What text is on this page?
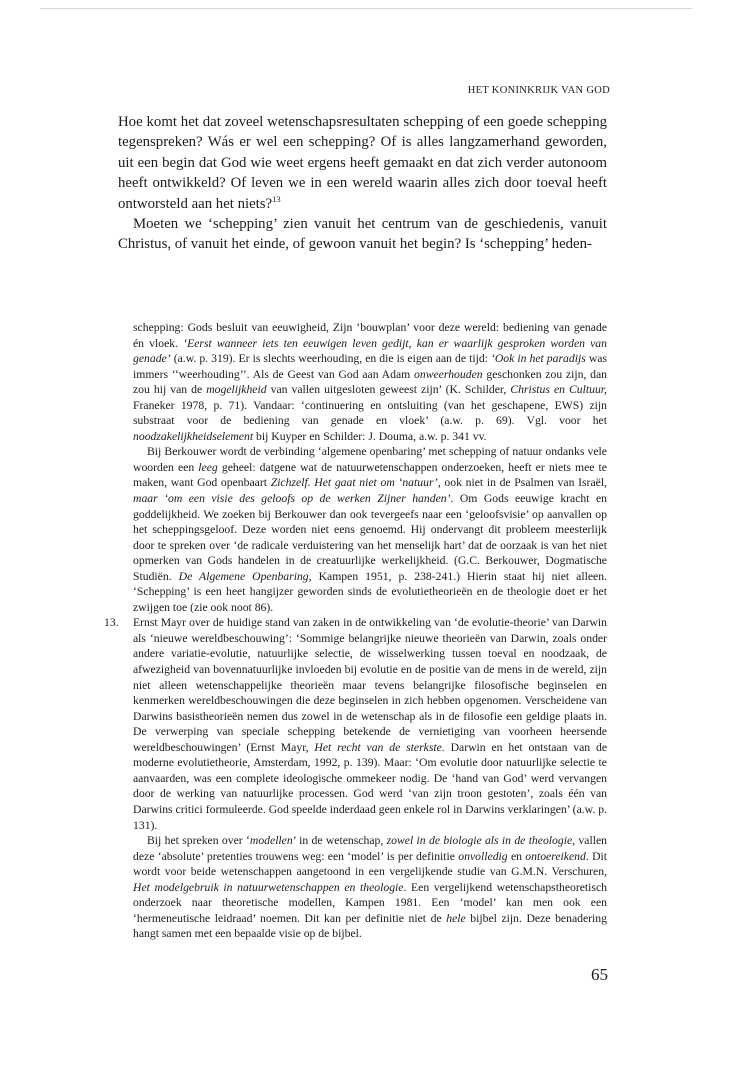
HET KONINKRIJK VAN GOD

Hoe komt het dat zoveel wetenschapsresultaten schepping of een goede schepping tegenspreken? Wás er wel een schepping? Of is alles langzamerhand geworden, uit een begin dat God wie weet ergens heeft gemaakt en dat zich verder autonoom heeft ontwikkeld? Of leven we in een wereld waarin alles zich door toeval heeft ontworsteld aan het niets?$^{13}$

Moeten we ‘schepping’ zien vanuit het centrum van de geschiedenis, vanuit Christus, of vanuit het einde, of gewoon vanuit het begin? Is ‘schepping’ heden-

schepping: Gods besluit van eeuwigheid, Zijn ‘bouwplan’ voor deze wereld: bediening van genade én vloek. ‘Eerst wanneer iets ten eeuwigen leven gedijt, kan er waarlijk gesproken worden van genade’ (a.w. p. 319). Er is slechts weerhouding, en die is eigen aan de tijd: ‘Ook in het paradijs was immers ‘‘weerhouding’’. Als de Geest van God aan Adam onweerhouden geschonken zou zijn, dan zou hij van de mogelijkheid van vallen uitgesloten geweest zijn’ (K. Schilder, Christus en Cultuur, Franeker 1978, p. 71). Vandaar: ‘continuering en ontsluiting (van het geschapene, EWS) zijn substraat voor de bediening van genade en vloek’ (a.w. p. 69). Vgl. voor het noodzakelijkheidselement bij Kuyper en Schilder: J. Douma, a.w. p. 341 vv.

Bij Berkouwer wordt de verbinding ‘algemene openbaring’ met schepping of natuur ondanks vele woorden een leeg geheel: datgene wat de natuurwetenschappen onderzoeken, heeft er niets mee te maken, want God openbaart Zichzelf. Het gaat niet om ‘natuur’, ook niet in de Psalmen van Israël, maar ‘om een visie des geloofs op de werken Zijner handen’. Om Gods eeuwige kracht en goddelijkheid. We zoeken bij Berkouwer dan ook tevergeefs naar een ‘geloofsvisie’ op aanvallen op het scheppingsgeloof. Deze worden niet eens genoemd. Hij ondervangt dit probleem meesterlijk door te spreken over ‘de radicale verduistering van het menselijk hart’ dat de oorzaak is van het niet opmerken van Gods handelen in de creatuurlijke werkelijkheid. (G.C. Berkouwer, Dogmatische Studiën. De Algemene Openbaring, Kampen 1951, p. 238-241.) Hierin staat hij niet alleen. ‘Schepping’ is een heet hangijzer geworden sinds de evolutietheorieën en de theologie doet er het zwijgen toe (zie ook noot 86).

13. Ernst Mayr over de huidige stand van zaken in de ontwikkeling van ‘de evolutie-theorie’ van Darwin als ‘nieuwe wereldbeschouwing’: ‘Sommige belangrijke nieuwe theorieën van Darwin, zoals onder andere variatie-evolutie, natuurlijke selectie, de wisselwerking tussen toeval en noodzaak, de afwezigheid van bovennatuurlijke invloeden bij evolutie en de positie van de mens in de wereld, zijn niet alleen wetenschappelijke theorieën maar tevens belangrijke filosofische beginselen en kenmerken wereldbeschouwingen die deze beginselen in zich hebben opgenomen. Verscheidene van Darwins basistheorieën nemen dus zowel in de wetenschap als in de filosofie een geldige plaats in. De verwerping van speciale schepping betekende de vernietiging van voorheen heersende wereldbeschouwingen’ (Ernst Mayr, Het recht van de sterkste. Darwin en het ontstaan van de moderne evolutietheorie, Amsterdam, 1992, p. 139). Maar: ‘Om evolutie door natuurlijke selectie te aanvaarden, was een complete ideologische ommekeer nodig. De ‘hand van God’ werd vervangen door de werking van natuurlijke processen. God werd ‘van zijn troon gestoten’, zoals één van Darwins critici formuleerde. God speelde inderdaad geen enkele rol in Darwins verklaringen’ (a.w. p. 131).

Bij het spreken over ‘modellen’ in de wetenschap, zowel in de biologie als in de theologie, vallen deze ‘absolute’ pretenties trouwens weg: een ‘model’ is per definitie onvolledig en ontoereikend. Dit wordt voor beide wetenschappen aangetoond in een vergelijkende studie van G.M.N. Verschuren, Het modelgebruik in natuurwetenschappen en theologie. Een vergelijkend wetenschapstheoretisch onderzoek naar theoretische modellen, Kampen 1981. Een ‘model’ kan men ook een ‘hermeneutische leidraad’ noemen. Dit kan per definitie niet de hele bijbel zijn. Deze benadering hangt samen met een bepaalde visie op de bijbel.

65
